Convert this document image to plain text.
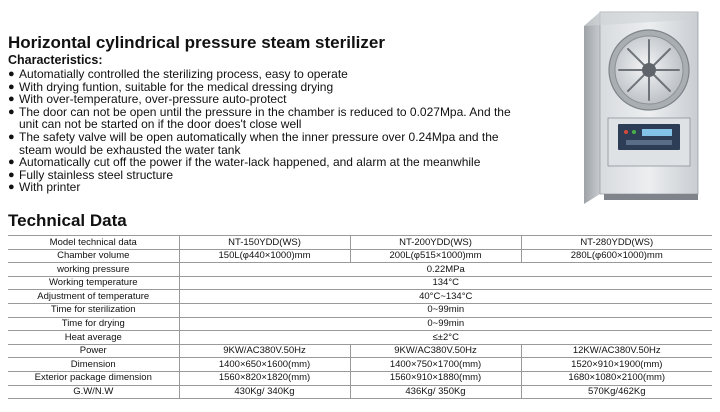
Horizontal cylindrical pressure steam sterilizer
Characteristics:
● Automatially controlled the sterilizing process, easy to operate
● With drying funtion, suitable for the medical dressing drying
● With over-temperature, over-pressure auto-protect
● The door can not be open until the pressure in the chamber is reduced to 0.027Mpa. And the unit can not be started on if the door does't close well
● The safety valve will be open automatically when the inner pressure over 0.24Mpa and the steam would be exhausted the water tank
● Automatically cut off the power if the water-lack happened, and alarm at the meanwhile
● Fully stainless steel structure
● With printer
Technical Data
Model technical data	NT-150YDD(WS)	NT-200YDD(WS)	NT-280YDD(WS)
Chamber volume	150L(φ440×1000)mm	200L(φ515×1000)mm	280L(φ600×1000)mm
working pressure	0.22MPa		
Working temperature	134°C		
Adjustment of temperature	40°C~134°C		
Time for sterilization	0~99min		
Time for drying	0~99min		
Heat average	≤±2°C		
Power	9KW/AC380V.50Hz	9KW/AC380V.50Hz	12KW/AC380V.50Hz
Dimension	1400×650×1600(mm)	1400×750×1700(mm)	1520×910×1900(mm)
Exterior package dimension	1560×820×1820(mm)	1560×910×1880(mm)	1680×1080×2100(mm)
G.W/N.W	430Kg/ 340Kg	436Kg/ 350Kg	570Kg/462Kg
